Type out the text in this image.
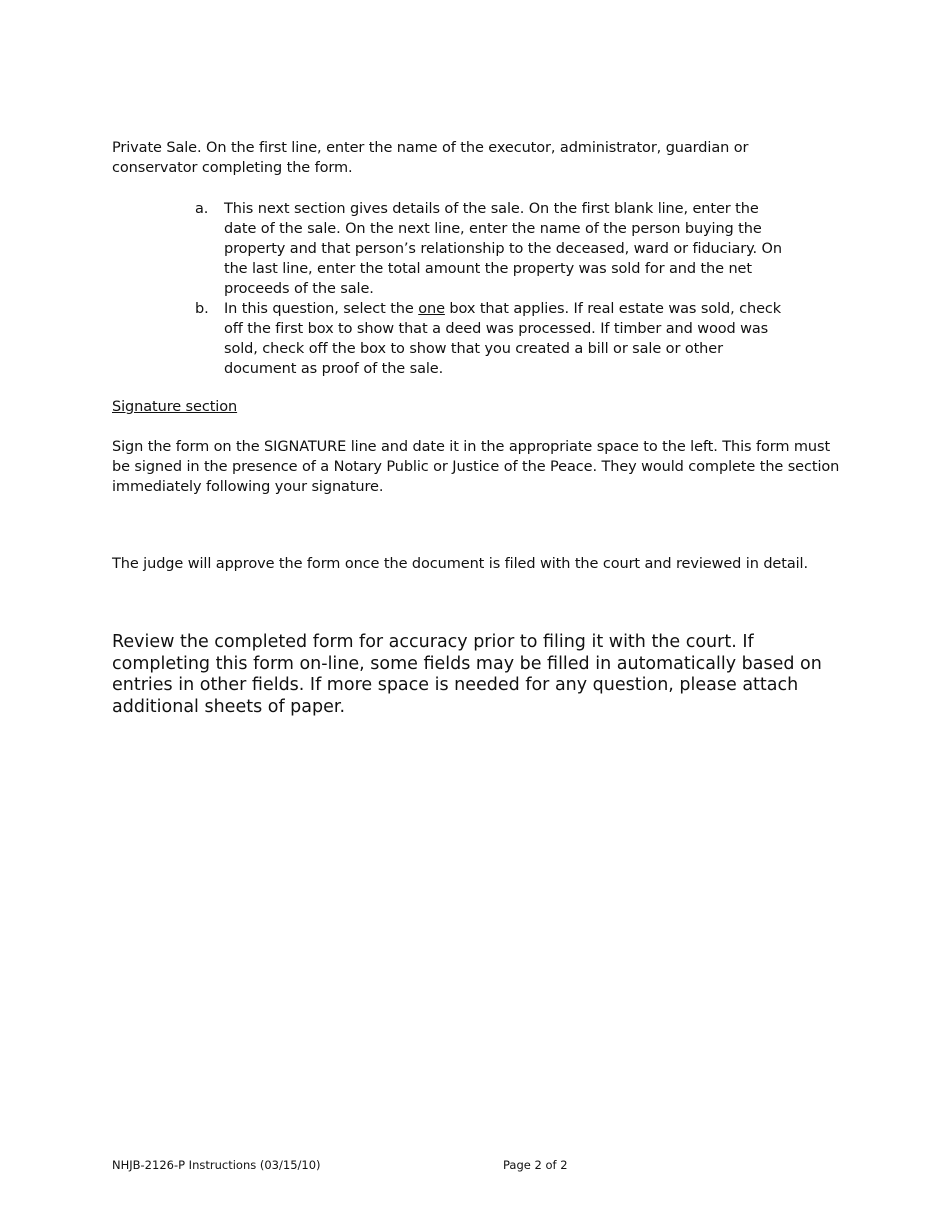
Private Sale. On the first line, enter the name of the executor, administrator, guardian or conservator completing the form.

a. This next section gives details of the sale. On the first blank line, enter the date of the sale. On the next line, enter the name of the person buying the property and that person’s relationship to the deceased, ward or fiduciary. On the last line, enter the total amount the property was sold for and the net proceeds of the sale.
b. In this question, select the one box that applies. If real estate was sold, check off the first box to show that a deed was processed. If timber and wood was sold, check off the box to show that you created a bill or sale or other document as proof of the sale.

Signature section

Sign the form on the SIGNATURE line and date it in the appropriate space to the left. This form must be signed in the presence of a Notary Public or Justice of the Peace. They would complete the section immediately following your signature.

The judge will approve the form once the document is filed with the court and reviewed in detail.

Review the completed form for accuracy prior to filing it with the court. If completing this form on-line, some fields may be filled in automatically based on entries in other fields. If more space is needed for any question, please attach additional sheets of paper.

NHJB-2126-P Instructions (03/15/10)	Page 2 of 2
